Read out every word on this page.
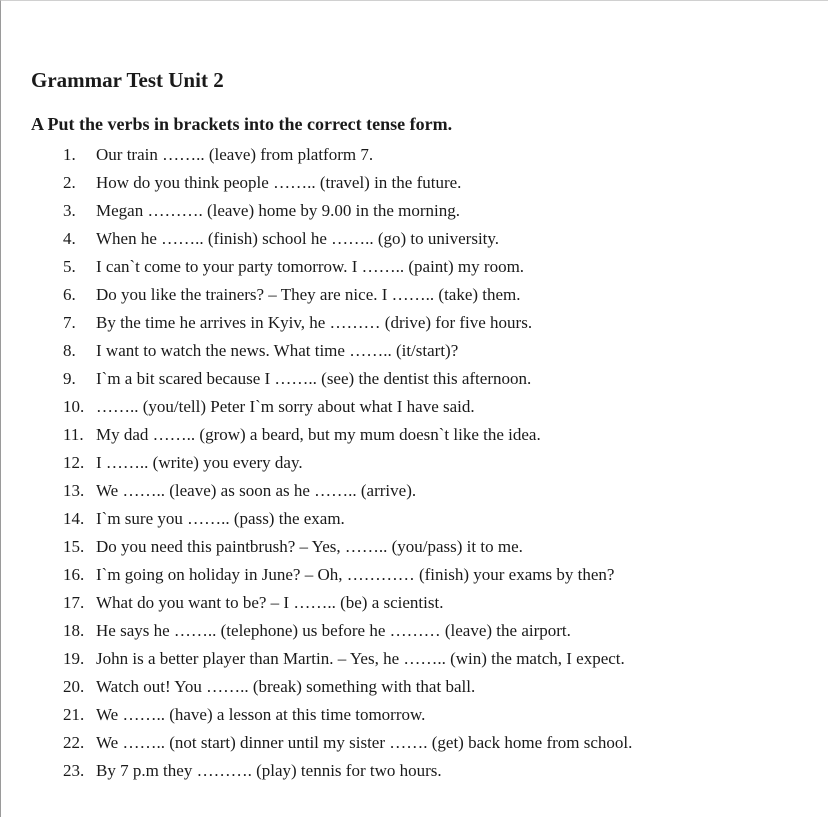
Grammar Test Unit 2
A Put the verbs in brackets into the correct tense form.
1. Our train …….. (leave) from platform 7.
2. How do you think people …….. (travel) in the future.
3. Megan ………. (leave) home by 9.00 in the morning.
4. When he …….. (finish) school he …….. (go) to university.
5. I can`t come to your party tomorrow. I …….. (paint) my room.
6. Do you like the trainers? – They are nice. I …….. (take) them.
7. By the time he arrives in Kyiv, he ……… (drive) for five hours.
8. I want to watch the news. What time …….. (it/start)?
9. I`m a bit scared because I …….. (see) the dentist this afternoon.
10. …….. (you/tell) Peter I`m sorry about what I have said.
11. My dad …….. (grow) a beard, but my mum doesn`t like the idea.
12. I …….. (write) you every day.
13. We …….. (leave) as soon as he …….. (arrive).
14. I`m sure you …….. (pass) the exam.
15. Do you need this paintbrush? – Yes, …….. (you/pass) it to me.
16. I`m going on holiday in June? – Oh, ………… (finish) your exams by then?
17. What do you want to be? – I …….. (be) a scientist.
18. He says he …….. (telephone) us before he ……… (leave) the airport.
19. John is a better player than Martin. – Yes, he …….. (win) the match, I expect.
20. Watch out! You …….. (break) something with that ball.
21. We …….. (have) a lesson at this time tomorrow.
22. We …….. (not start) dinner until my sister ……. (get) back home from school.
23. By 7 p.m they ………. (play) tennis for two hours.
